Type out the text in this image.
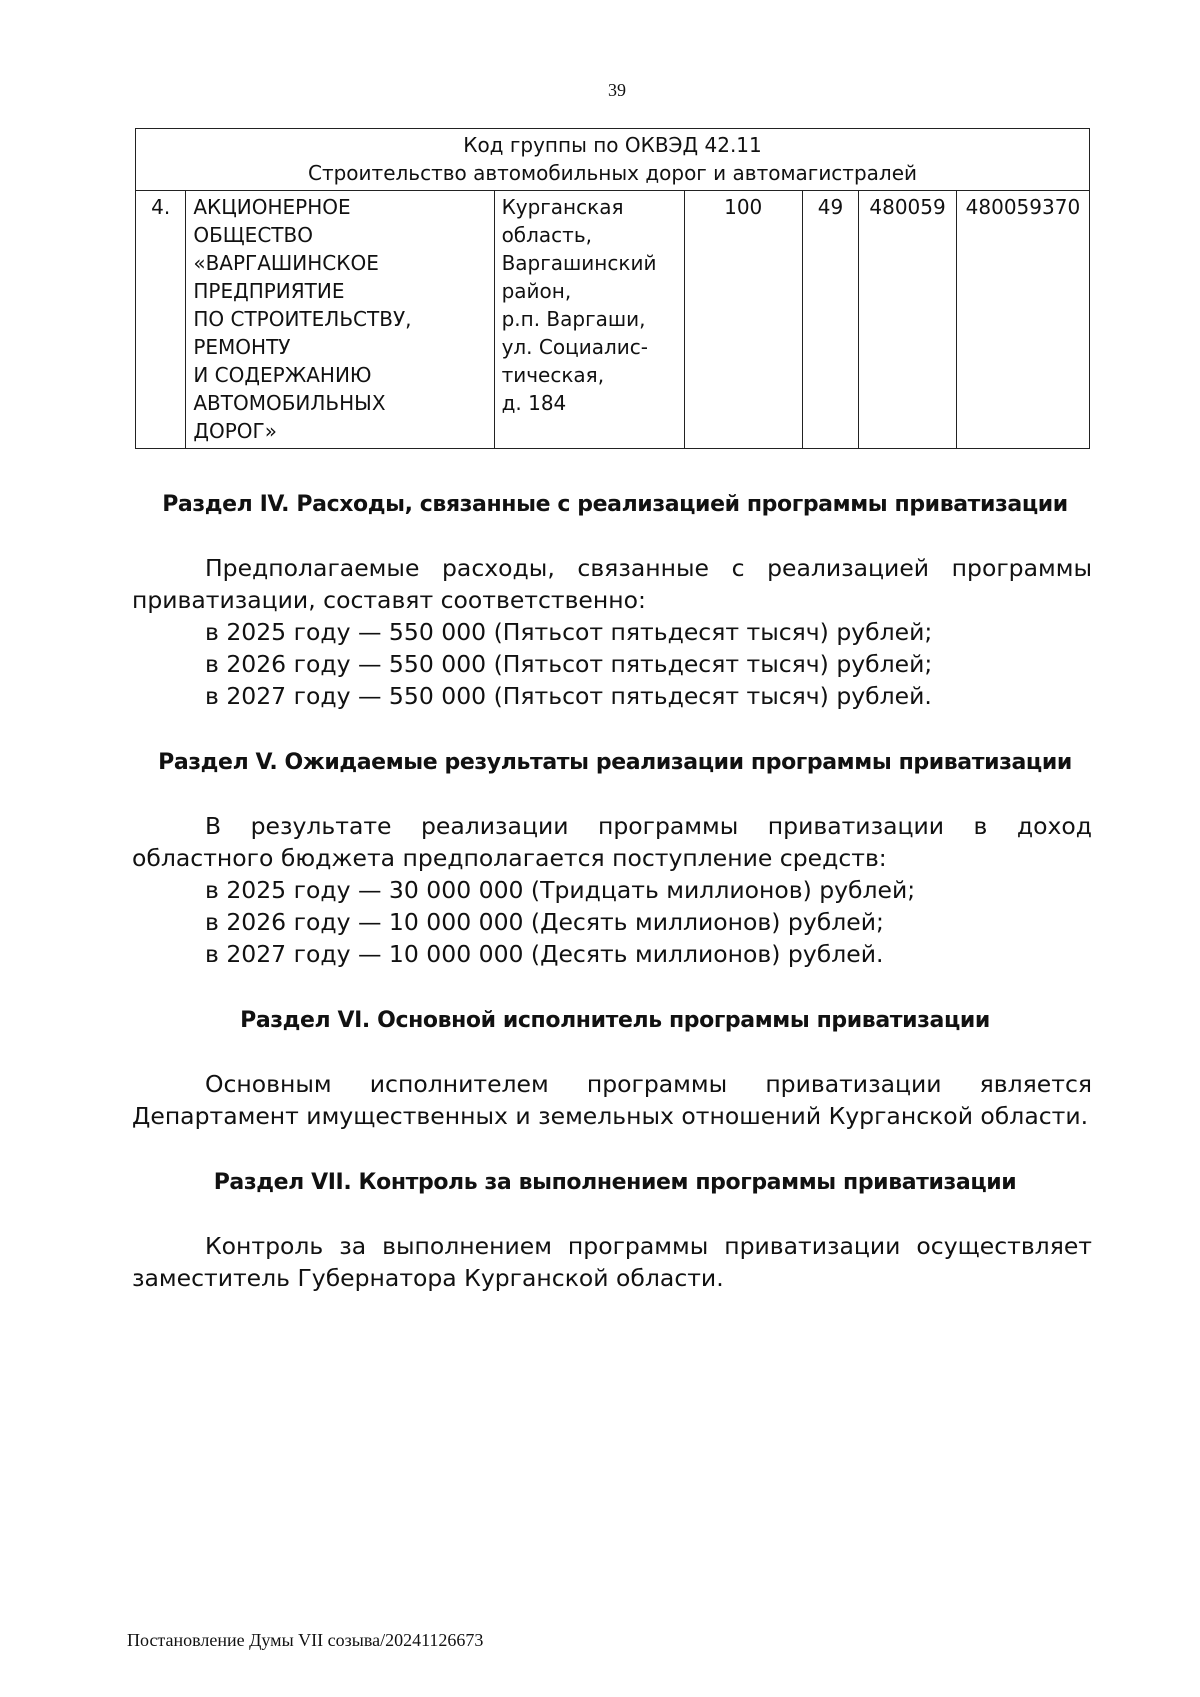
39
Код группы по ОКВЭД 42.11
Строительство автомобильных дорог и автомагистралей

4.	АКЦИОНЕРНОЕ
ОБЩЕСТВО
«ВАРГАШИНСКОЕ
ПРЕДПРИЯТИЕ
ПО СТРОИТЕЛЬСТВУ,
РЕМОНТУ
И СОДЕРЖАНИЮ
АВТОМОБИЛЬНЫХ
ДОРОГ»	Курганская
область,
Варгашинский
район,
р.п. Варгаши,
ул. Социалис-
тическая,
д. 184	100	49	480059	480059370
Раздел IV. Расходы, связанные с реализацией программы приватизации

Предполагаемые расходы, связанные с реализацией программы приватизации, составят соответственно:

в 2025 году — 550 000 (Пятьсот пятьдесят тысяч) рублей;
в 2026 году — 550 000 (Пятьсот пятьдесят тысяч) рублей;
в 2027 году — 550 000 (Пятьсот пятьдесят тысяч) рублей.
Раздел V. Ожидаемые результаты реализации программы приватизации

В результате реализации программы приватизации в доход областного бюджета предполагается поступление средств:

в 2025 году — 30 000 000 (Тридцать миллионов) рублей;
в 2026 году — 10 000 000 (Десять миллионов) рублей;
в 2027 году — 10 000 000 (Десять миллионов) рублей.
Раздел VI. Основной исполнитель программы приватизации

Основным исполнителем программы приватизации является Департамент имущественных и земельных отношений Курганской области.

Раздел VII. Контроль за выполнением программы приватизации

Контроль за выполнением программы приватизации осуществляет заместитель Губернатора Курганской области.

Постановление Думы VII созыва/20241126673
